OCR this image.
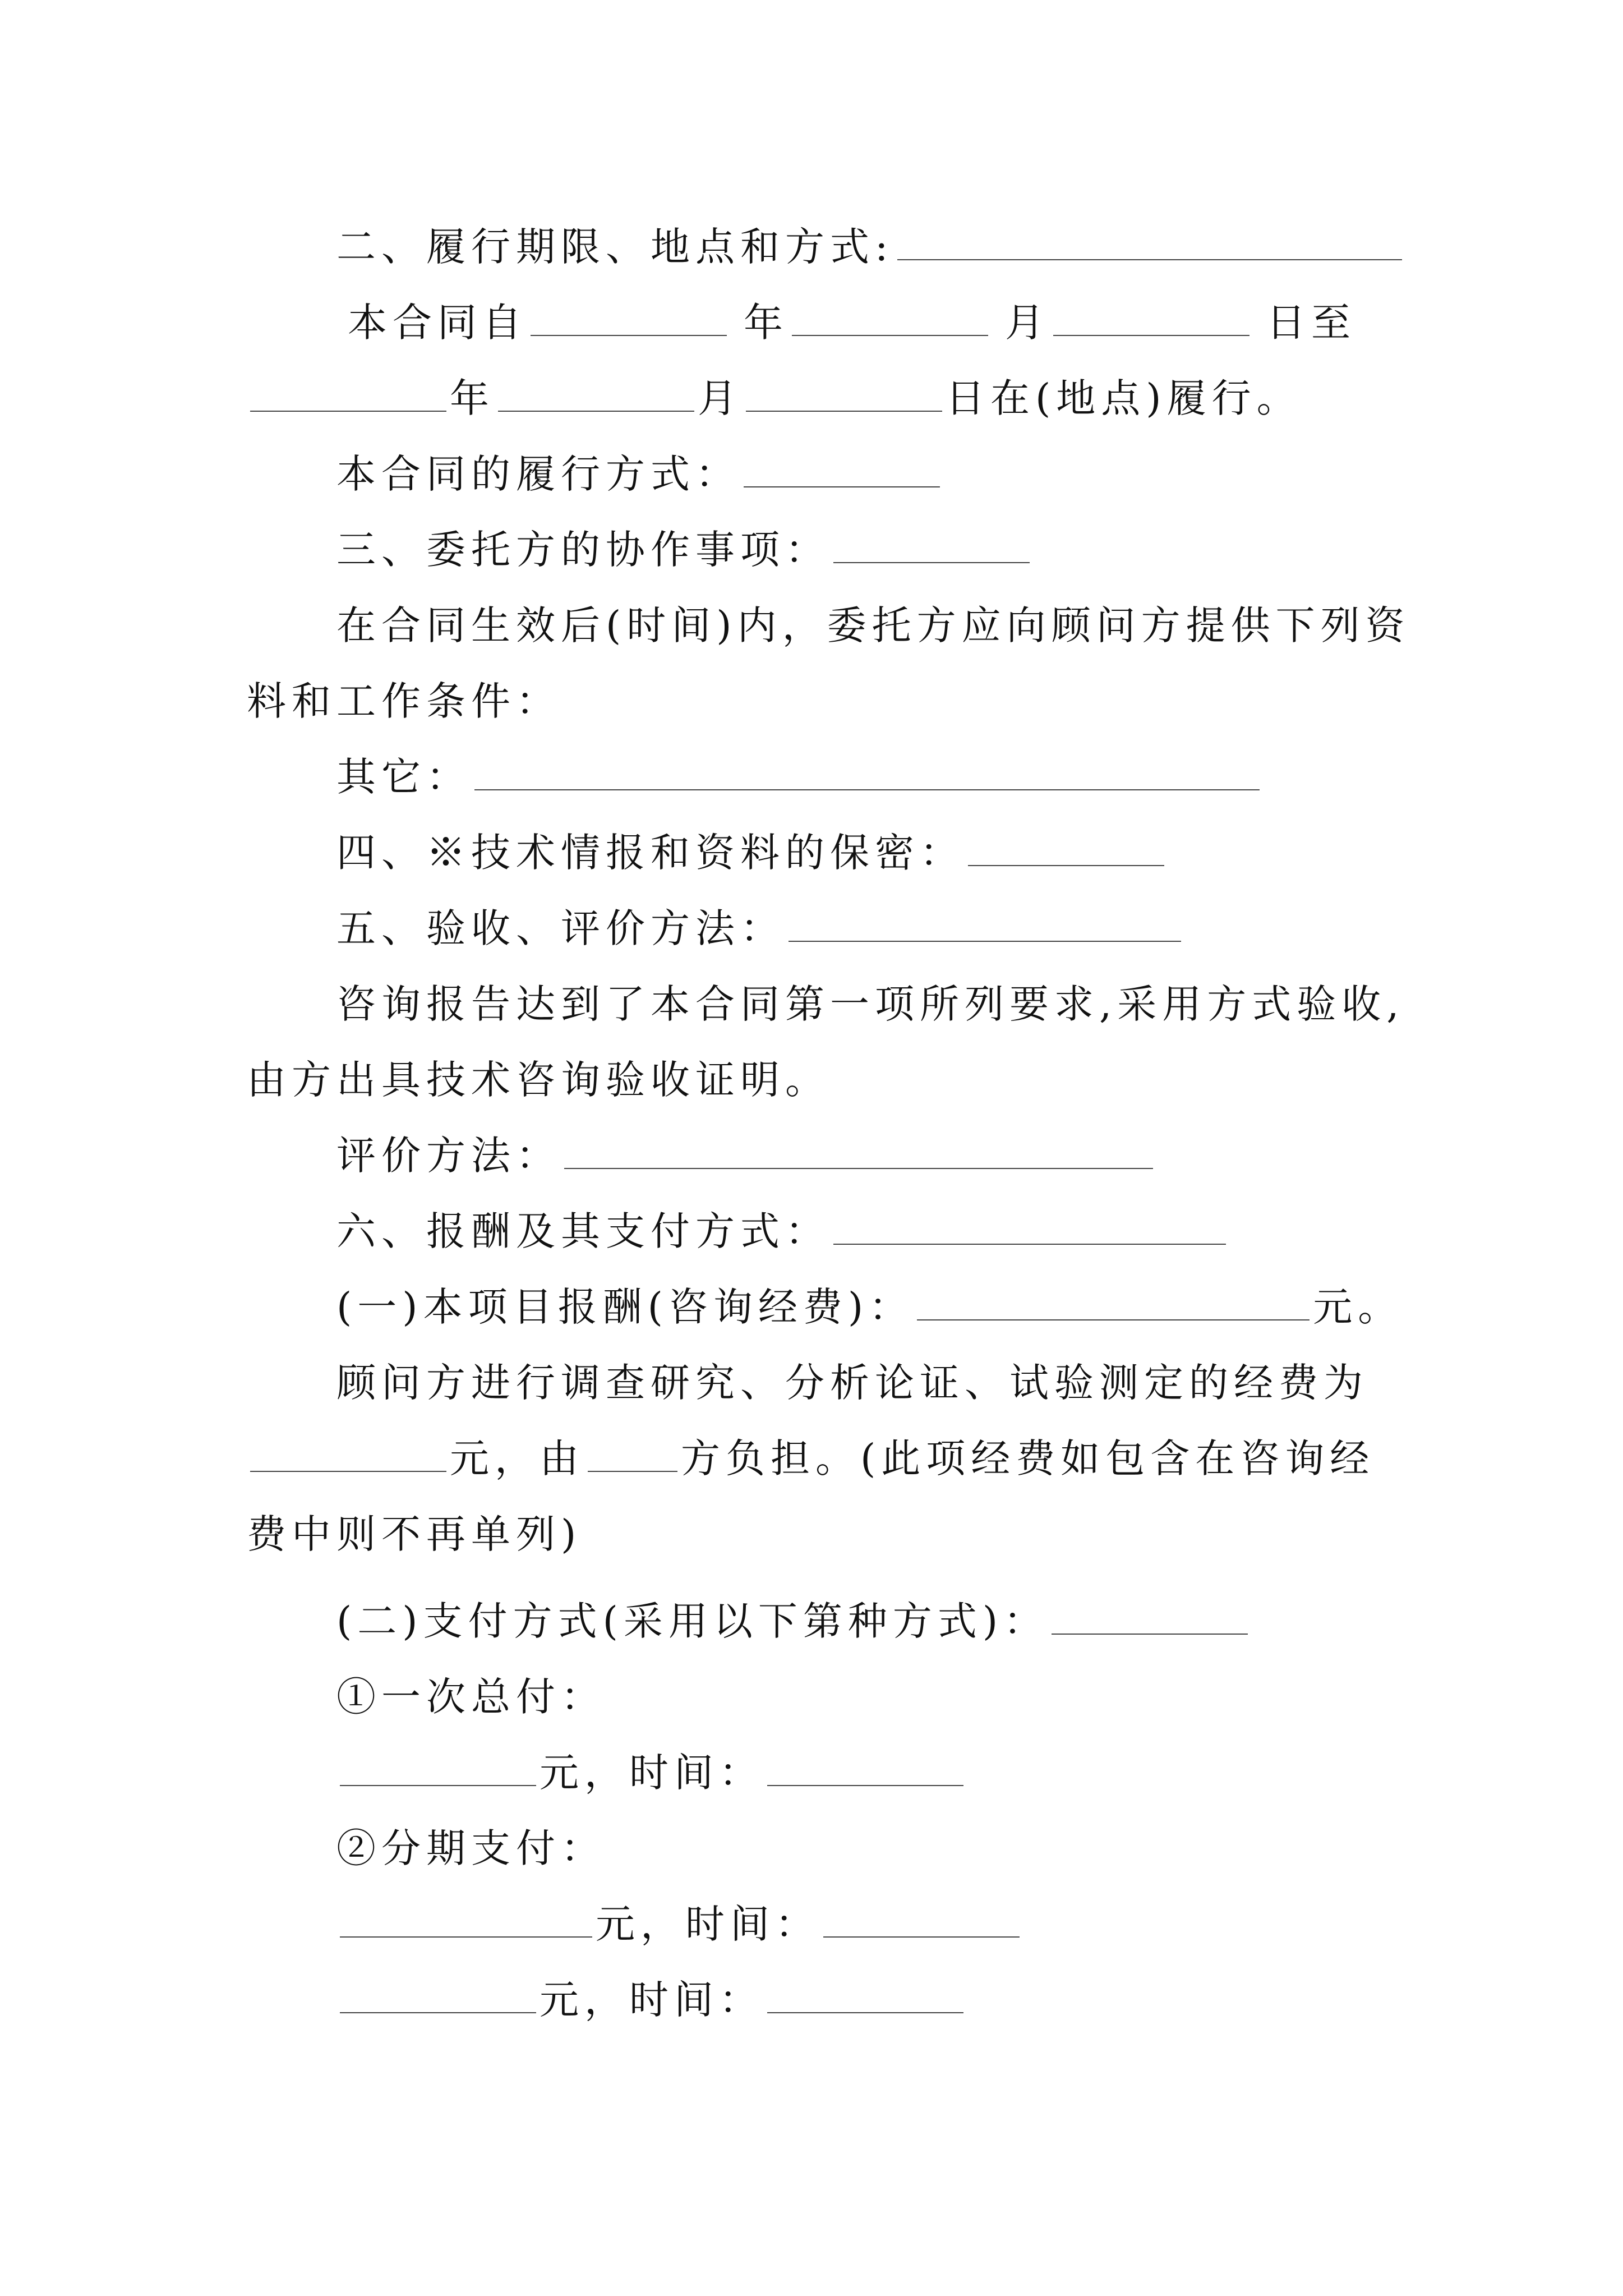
二、履行期限、地点和方式:
本合同自	年	月	日至
年	月	日在(地点)履行。
本合同的履行方式：
三、委托方的协作事项：
在合同生效后(时间)内，委托方应向顾问方提供下列资
料和工作条件：
其它：
四、※技术情报和资料的保密：
五、验收、评价方法：
咨询报告达到了本合同第一项所列要求,采用方式验收,
由方出具技术咨询验收证明。
评价方法：
六、报酬及其支付方式：
(一)本项目报酬(咨询经费)：	元。
顾问方进行调查研究、分析论证、试验测定的经费为
元，由 方负担。(此项经费如包含在咨询经
费中则不再单列)
(二)支付方式(采用以下第种方式)：
①一次总付：
元，时间：
②分期支付：
元，时间：
元，时间：
